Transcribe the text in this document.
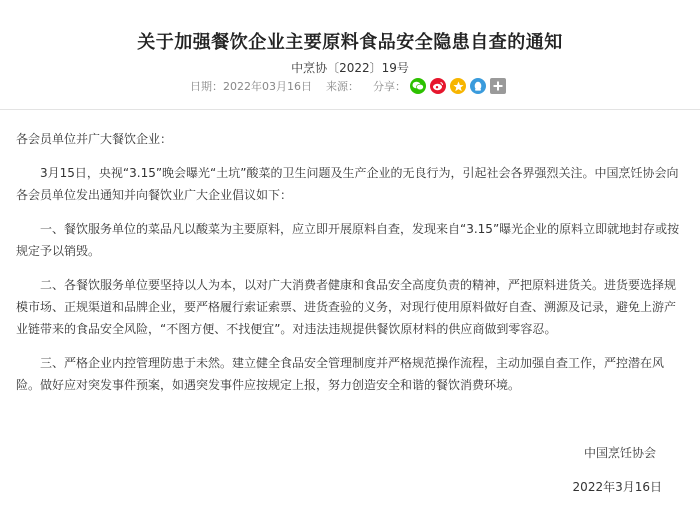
关于加强餐饮企业主要原料食品安全隐患自查的通知
中烹协〔2022〕19号
日期：2022年03月16日 来源： 分享：

各会员单位并广大餐饮企业：

3月15日，央视“3.15”晚会曝光“土坑”酸菜的卫生问题及生产企业的无良行为，引起社会各界强烈关注。中国烹饪协会向各会员单位发出通知并向餐饮业广大企业倡议如下：

一、餐饮服务单位的菜品凡以酸菜为主要原料，应立即开展原料自查，发现来自“3.15”曝光企业的原料立即就地封存或按规定予以销毁。

二、各餐饮服务单位要坚持以人为本，以对广大消费者健康和食品安全高度负责的精神，严把原料进货关。进货要选择规模市场、正规渠道和品牌企业，要严格履行索证索票、进货查验的义务，对现行使用原料做好自查、溯源及记录，避免上游产业链带来的食品安全风险，“不图方便、不找便宜”。对违法违规提供餐饮原材料的供应商做到零容忍。

三、严格企业内控管理防患于未然。建立健全食品安全管理制度并严格规范操作流程，主动加强自查工作，严控潜在风险。做好应对突发事件预案，如遇突发事件应按规定上报，努力创造安全和谐的餐饮消费环境。

中国烹饪协会
2022年3月16日
